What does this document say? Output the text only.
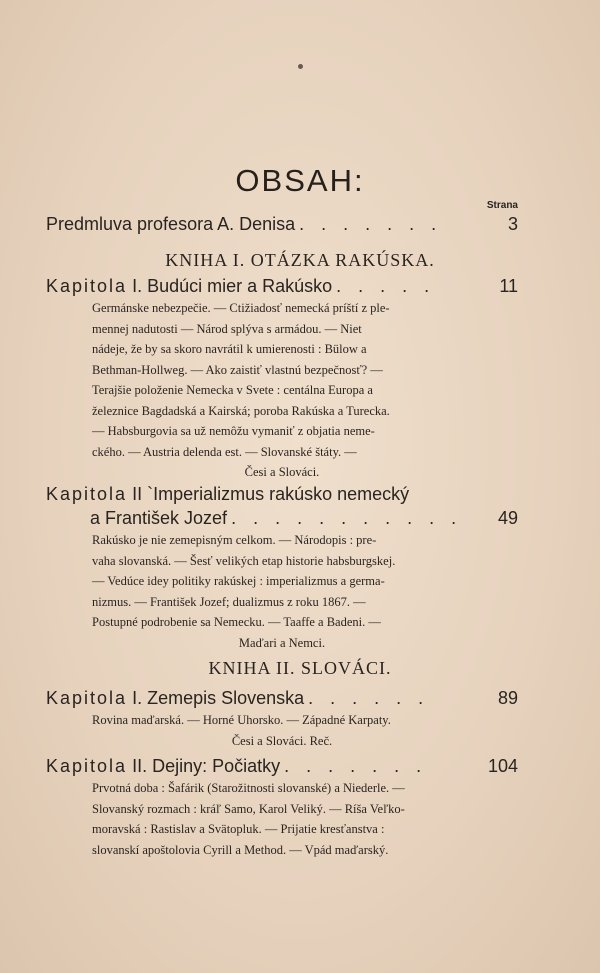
OBSAH:
Strana
Predmluva profesora A. Denisa . . . . . . .	3
KNIHA I. OTÁZKA RAKÚSKA.
Kapitola I. Budúci mier a Rakúsko . . . . .	11
Germánske nebezpečie. — Ctižiadosť nemecká príští z ple-
mennej nadutosti — Národ splýva s armádou. — Niet
nádeje, že by sa skoro navrátil k umierenosti : Bülow a
Bethman-Hollweg. — Ako zaistiť vlastnú bezpečnosť? —
Terajšie položenie Nemecka v Svete : centálna Europa a
železnice Bagdadská a Kairská; poroba Rakúska a Turecka.
— Habsburgovia sa už nemôžu vymaniť z objatia neme-
ckého. — Austria delenda est. — Slovanské štáty. —
Česi a Slováci.
Kapitola II `Imperializmus rakúsko nemecký
a František Jozef . . . . . . . . . . .	49
Rakúsko je nie zemepisným celkom. — Národopis : pre-
vaha slovanská. — Šesť velikých etap historie habsburgskej.
— Vedúce idey politiky rakúskej : imperializmus a germa-
nizmus. — František Jozef; dualizmus z roku 1867. —
Postupné podrobenie sa Nemecku. — Taaffe a Badeni. —
Maďari a Nemci.
KNIHA II. SLOVÁCI.
Kapitola I. Zemepis Slovenska . . . . . .	89
Rovina maďarská. — Horné Uhorsko. — Západné Karpaty.
Česi a Slováci. Reč.
Kapitola II. Dejiny: Počiatky . . . . . . .	104
Prvotná doba : Šafárik (Starožitnosti slovanské) a Niederle. —
Slovanský rozmach : kráľ Samo, Karol Veliký. — Ríša Veľko-
moravská : Rastislav a Svätopluk. — Prijatie kresťanstva :
slovanskí apoštolovia Cyrill a Method. — Vpád maďarský.
